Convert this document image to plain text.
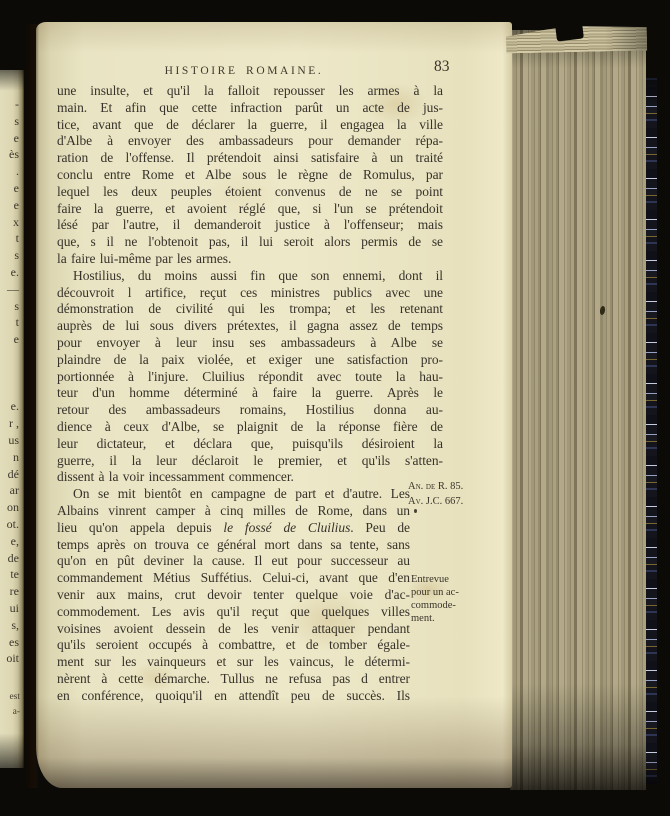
-
s
e
ès
.
e
e
x
t
s
e.
—
s
t
e

e.
r ,
us
n
dé
ar
on
ot.
e,
de
te
re
ui
s,
es
oit
est
a-
HISTOIRE ROMAINE.	83
une insulte, et qu'il la falloit repousser les armes à la
main. Et afin que cette infraction parût un acte de jus-
tice, avant que de déclarer la guerre, il engagea la ville
d'Albe à envoyer des ambassadeurs pour demander répa-
ration de l'offense. Il prétendoit ainsi satisfaire à un traité
conclu entre Rome et Albe sous le règne de Romulus, par
lequel les deux peuples étoient convenus de ne se point
faire la guerre, et avoient réglé que, si l'un se prétendoit
lésé par l'autre, il demanderoit justice à l'offenseur; mais
que, s il ne l'obtenoit pas, il lui seroit alors permis de se
la faire lui-même par les armes.
Hostilius, du moins aussi fin que son ennemi, dont il
découvroit l artifice, reçut ces ministres publics avec une
démonstration de civilité qui les trompa; et les retenant
auprès de lui sous divers prétextes, il gagna assez de temps
pour envoyer à leur insu ses ambassadeurs à Albe se
plaindre de la paix violée, et exiger une satisfaction pro-
portionnée à l'injure. Cluilius répondit avec toute la hau-
teur d'un homme déterminé à faire la guerre. Après le
retour des ambassadeurs romains, Hostilius donna au-
dience à ceux d'Albe, se plaignit de la réponse fière de
leur dictateur, et déclara que, puisqu'ils désiroient la
guerre, il la leur déclaroit le premier, et qu'ils s'atten-
dissent à la voir incessamment commencer.
On se mit bientôt en campagne de part et d'autre. Les
Albains vinrent camper à cinq milles de Rome, dans un
lieu qu'on appela depuis le fossé de Cluilius. Peu de
temps après on trouva ce général mort dans sa tente, sans
qu'on en pût deviner la cause. Il eut pour successeur au
commandement Métius Suffétius. Celui-ci, avant que d'en
venir aux mains, crut devoir tenter quelque voie d'ac-
commodement. Les avis qu'il reçut que quelques villes
voisines avoient dessein de les venir attaquer pendant
qu'ils seroient occupés à combattre, et de tomber égale-
ment sur les vainqueurs et sur les vaincus, le détermi-
nèrent à cette démarche. Tullus ne refusa pas d entrer
en conférence, quoiqu'il en attendît peu de succès. Ils
An. de R. 85.
Av. J.C. 667.
Entrevue
pour un ac-
commode-
ment.
